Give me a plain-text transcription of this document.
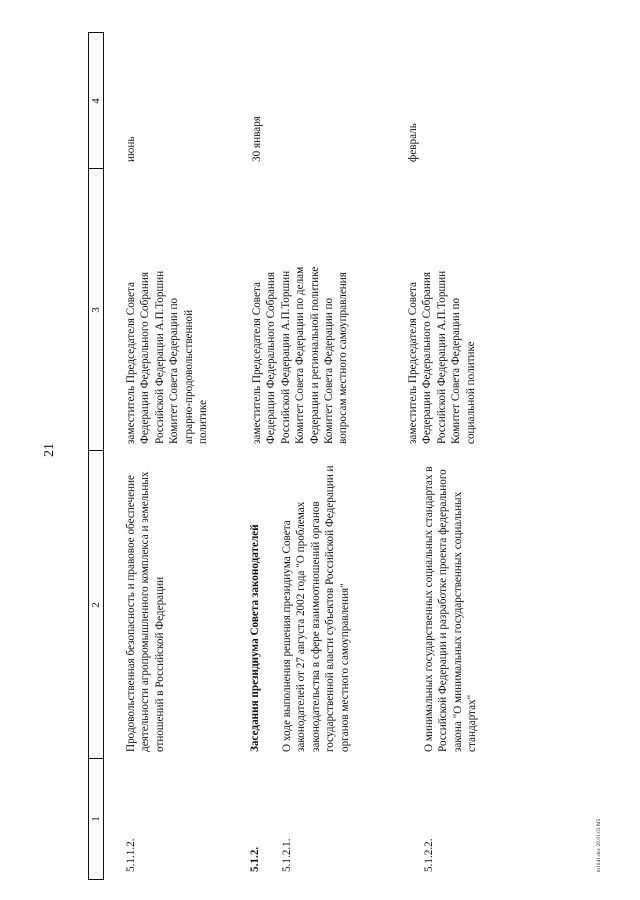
21
1
2
3
4
5.1.1.2.
Продовольственная безопасность и правовое обеспечение деятельности агропромышленного комплекса и земельных отношений в Российской Федерации
заместитель Председателя Совета Федерации Федерального Собрания Российской Федерации А.П.Торшин Комитет Совета Федерации по аграрно-продовольственной политике
июнь
5.1.2.
Заседания президиума Совета законодателей
5.1.2.1.
О ходе выполнения решения президиума Совета законодателей от 27 августа 2002 года "О проблемах законодательства в сфере взаимоотношений органов государственной власти субъектов Российской Федерации и органов местного самоуправления"
заместитель Председателя Совета Федерации Федерального Собрания Российской Федерации А.П.Торшин Комитет Совета Федерации по делам Федерации и региональной политике Комитет Совета Федерации по вопросам местного самоуправления
30 января
5.1.2.2.
О минимальных государственных социальных стандартах в Российской Федерации и разработке проекта федерального закона "О минимальных государственных социальных стандартах"
заместитель Председателя Совета Федерации Федерального Собрания Российской Федерации А.П.Торшин Комитет Совета Федерации по социальной политике
февраль
m1041.doc 29.01.03 M5
